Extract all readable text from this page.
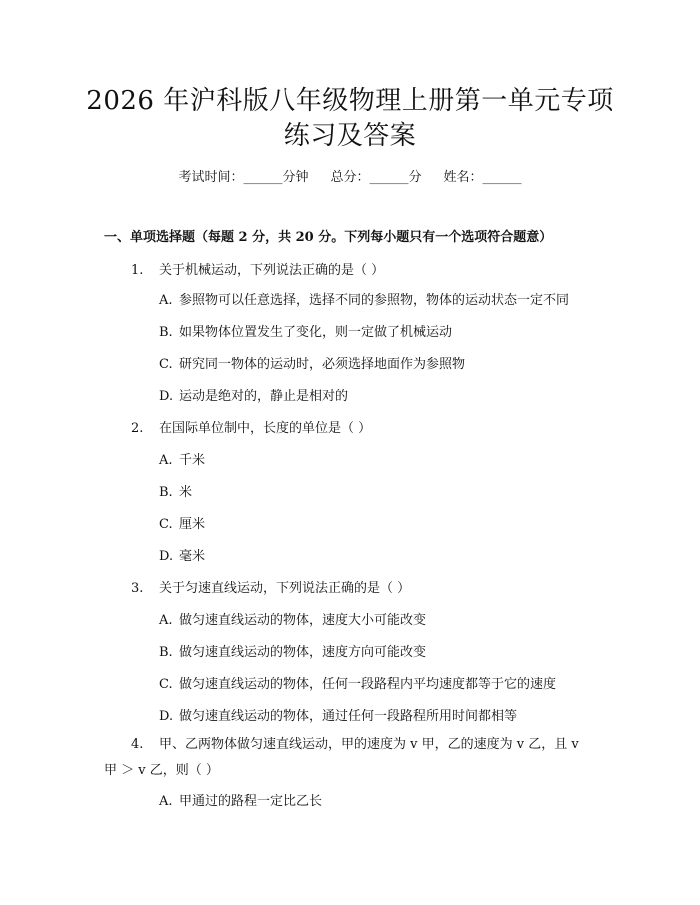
2026 年沪科版八年级物理上册第一单元专项
练习及答案
考试时间：______分钟 总分：______分 姓名：______
一、单项选择题（每题 2 分，共 20 分。下列每小题只有一个选项符合题意）
1. 关于机械运动，下列说法正确的是（ ）
A. 参照物可以任意选择，选择不同的参照物，物体的运动状态一定不同
B. 如果物体位置发生了变化，则一定做了机械运动
C. 研究同一物体的运动时，必须选择地面作为参照物
D. 运动是绝对的，静止是相对的
2. 在国际单位制中，长度的单位是（ ）
A. 千米
B. 米
C. 厘米
D. 毫米
3. 关于匀速直线运动，下列说法正确的是（ ）
A. 做匀速直线运动的物体，速度大小可能改变
B. 做匀速直线运动的物体，速度方向可能改变
C. 做匀速直线运动的物体，任何一段路程内平均速度都等于它的速度
D. 做匀速直线运动的物体，通过任何一段路程所用时间都相等
4. 甲、乙两物体做匀速直线运动，甲的速度为 v 甲，乙的速度为 v 乙，且 v
甲 ＞ v 乙，则（ ）
A. 甲通过的路程一定比乙长
